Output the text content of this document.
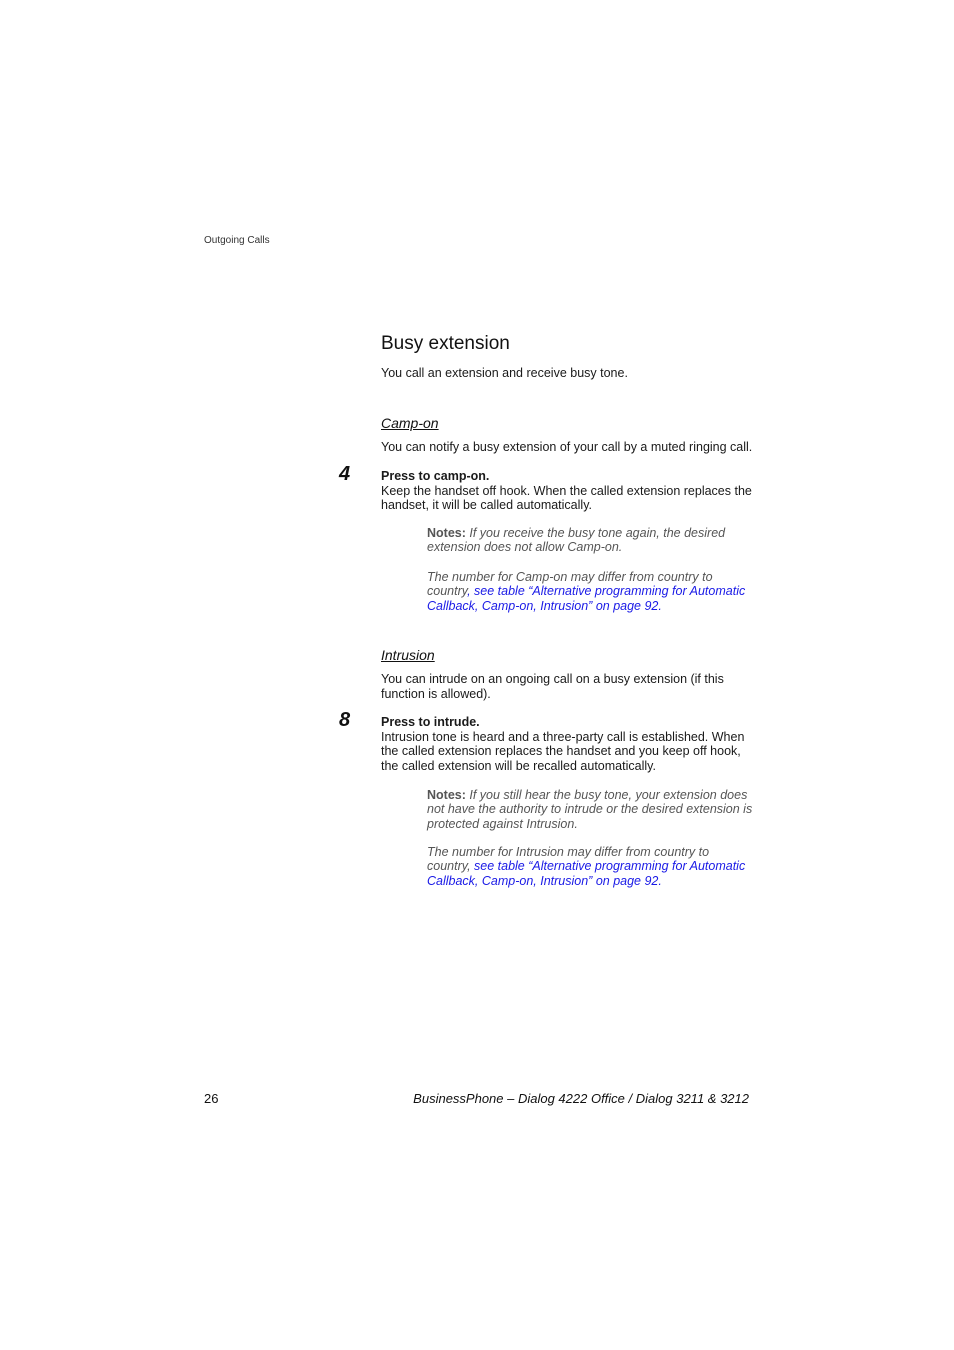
Outgoing Calls
Busy extension

You call an extension and receive busy tone.

Camp-on

You can notify a busy extension of your call by a muted ringing call.

4 Press to camp-on.
Keep the handset off hook. When the called extension replaces the handset, it will be called automatically.

Notes: If you receive the busy tone again, the desired extension does not allow Camp-on.

The number for Camp-on may differ from country to country, see table “Alternative programming for Automatic Callback, Camp-on, Intrusion” on page 92.

Intrusion

You can intrude on an ongoing call on a busy extension (if this function is allowed).

8 Press to intrude.
Intrusion tone is heard and a three-party call is established. When the called extension replaces the handset and you keep off hook, the called extension will be recalled automatically.

Notes: If you still hear the busy tone, your extension does not have the authority to intrude or the desired extension is protected against Intrusion.

The number for Intrusion may differ from country to country, see table “Alternative programming for Automatic Callback, Camp-on, Intrusion” on page 92.

26	BusinessPhone – Dialog 4222 Office / Dialog 3211 & 3212
